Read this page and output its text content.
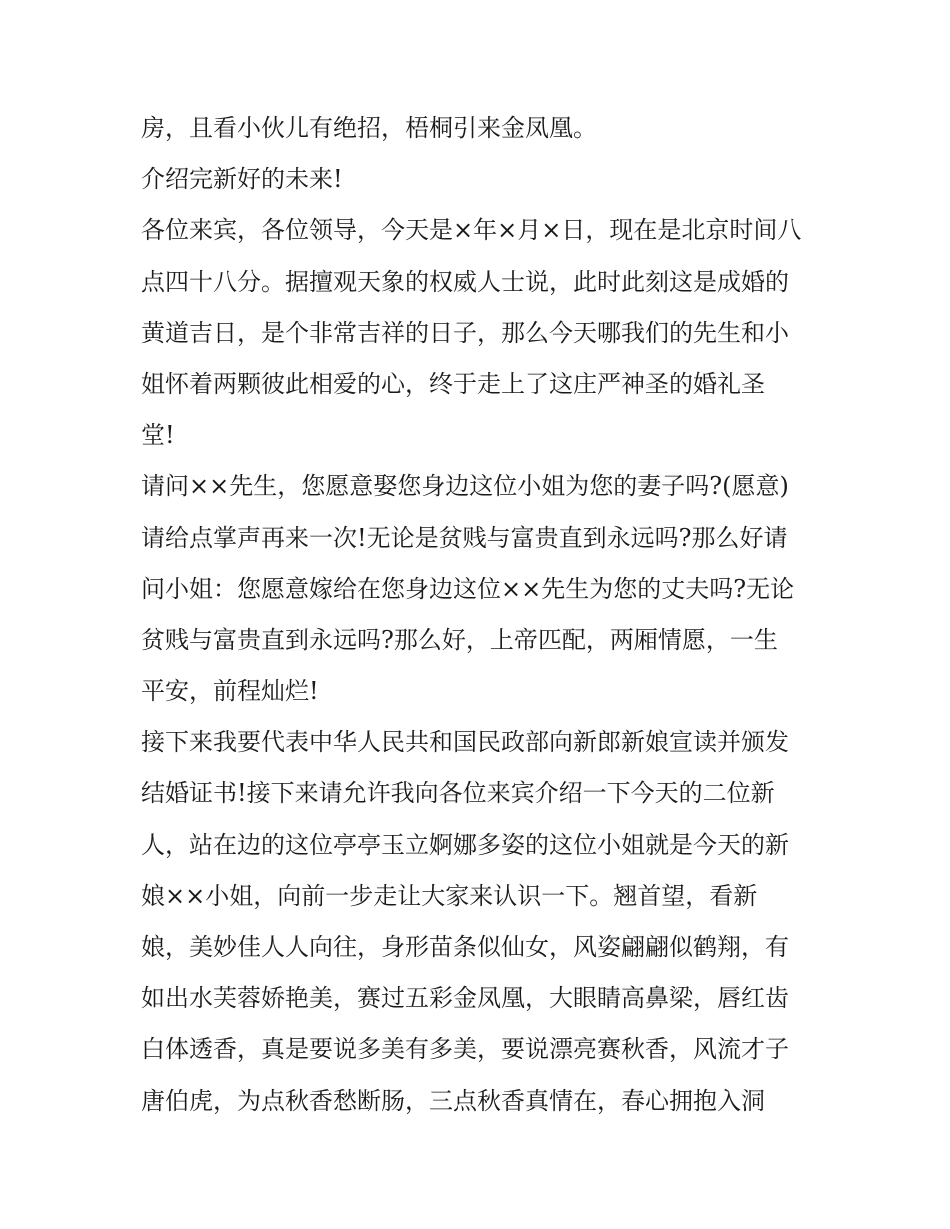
房，且看小伙儿有绝招，梧桐引来金凤凰。
介绍完新好的未来!
各位来宾，各位领导，今天是×年×月×日，现在是北京时间八
点四十八分。据擅观天象的权威人士说，此时此刻这是成婚的
黄道吉日，是个非常吉祥的日子，那么今天哪我们的先生和小
姐怀着两颗彼此相爱的心，终于走上了这庄严神圣的婚礼圣
堂!
请问××先生，您愿意娶您身边这位小姐为您的妻子吗?(愿意)
请给点掌声再来一次!无论是贫贱与富贵直到永远吗?那么好请
问小姐：您愿意嫁给在您身边这位××先生为您的丈夫吗?无论
贫贱与富贵直到永远吗?那么好，上帝匹配，两厢情愿，一生
平安，前程灿烂!
接下来我要代表中华人民共和国民政部向新郎新娘宣读并颁发
结婚证书!接下来请允许我向各位来宾介绍一下今天的二位新
人，站在边的这位亭亭玉立婀娜多姿的这位小姐就是今天的新
娘××小姐，向前一步走让大家来认识一下。翘首望，看新
娘，美妙佳人人向往，身形苗条似仙女，风姿翩翩似鹤翔，有
如出水芙蓉娇艳美，赛过五彩金凤凰，大眼睛高鼻梁，唇红齿
白体透香，真是要说多美有多美，要说漂亮赛秋香，风流才子
唐伯虎，为点秋香愁断肠，三点秋香真情在，春心拥抱入洞
